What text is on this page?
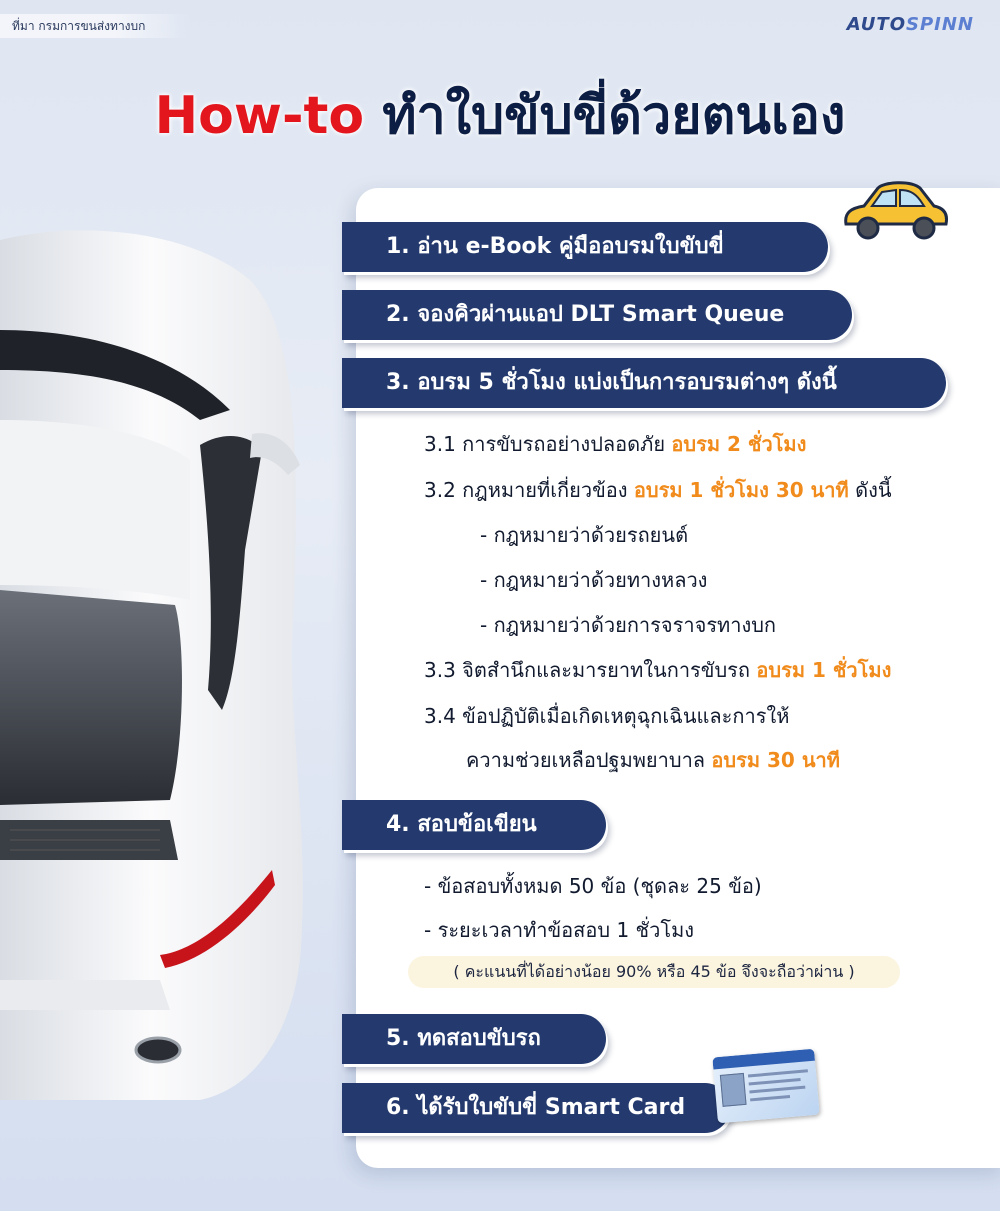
ที่มา กรมการขนส่งทางบก	AUTOSPINN
How-to ทำใบขับขี่ด้วยตนเอง
1. อ่าน e-Book คู่มืออบรมใบขับขี่
2. จองคิวผ่านแอป DLT Smart Queue
3. อบรม 5 ชั่วโมง แบ่งเป็นการอบรมต่างๆ ดังนี้
3.1 การขับรถอย่างปลอดภัย อบรม 2 ชั่วโมง
3.2 กฎหมายที่เกี่ยวข้อง อบรม 1 ชั่วโมง 30 นาที ดังนี้
- กฎหมายว่าด้วยรถยนต์
- กฎหมายว่าด้วยทางหลวง
- กฎหมายว่าด้วยการจราจรทางบก
3.3 จิตสำนึกและมารยาทในการขับรถ อบรม 1 ชั่วโมง
3.4 ข้อปฏิบัติเมื่อเกิดเหตุฉุกเฉินและการให้
ความช่วยเหลือปฐมพยาบาล อบรม 30 นาที
4. สอบข้อเขียน
- ข้อสอบทั้งหมด 50 ข้อ (ชุดละ 25 ข้อ)
- ระยะเวลาทำข้อสอบ 1 ชั่วโมง
( คะแนนที่ได้อย่างน้อย 90% หรือ 45 ข้อ จึงจะถือว่าผ่าน )
5. ทดสอบขับรถ
6. ได้รับใบขับขี่ Smart Card
